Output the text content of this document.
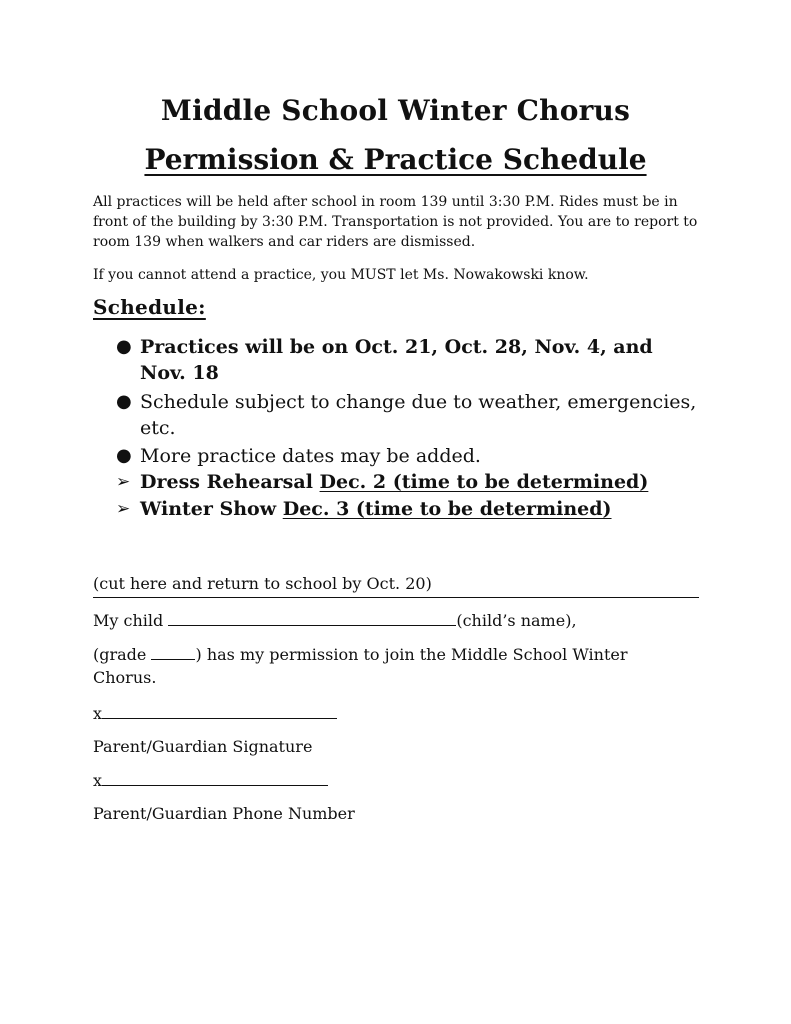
Middle School Winter Chorus
Permission & Practice Schedule
All practices will be held after school in room 139 until 3:30 P.M. Rides must be in front of the building by 3:30 P.M. Transportation is not provided. You are to report to room 139 when walkers and car riders are dismissed.
If you cannot attend a practice, you MUST let Ms. Nowakowski know.
Schedule:
● Practices will be on Oct. 21, Oct. 28, Nov. 4, and Nov. 18
● Schedule subject to change due to weather, emergencies, etc.
● More practice dates may be added.
➢ Dress Rehearsal Dec. 2 (time to be determined)
➢ Winter Show Dec. 3 (time to be determined)
(cut here and return to school by Oct. 20)
My child	(child’s name),
(grade	) has my permission to join the Middle School Winter Chorus.
x
Parent/Guardian Signature
x
Parent/Guardian Phone Number
